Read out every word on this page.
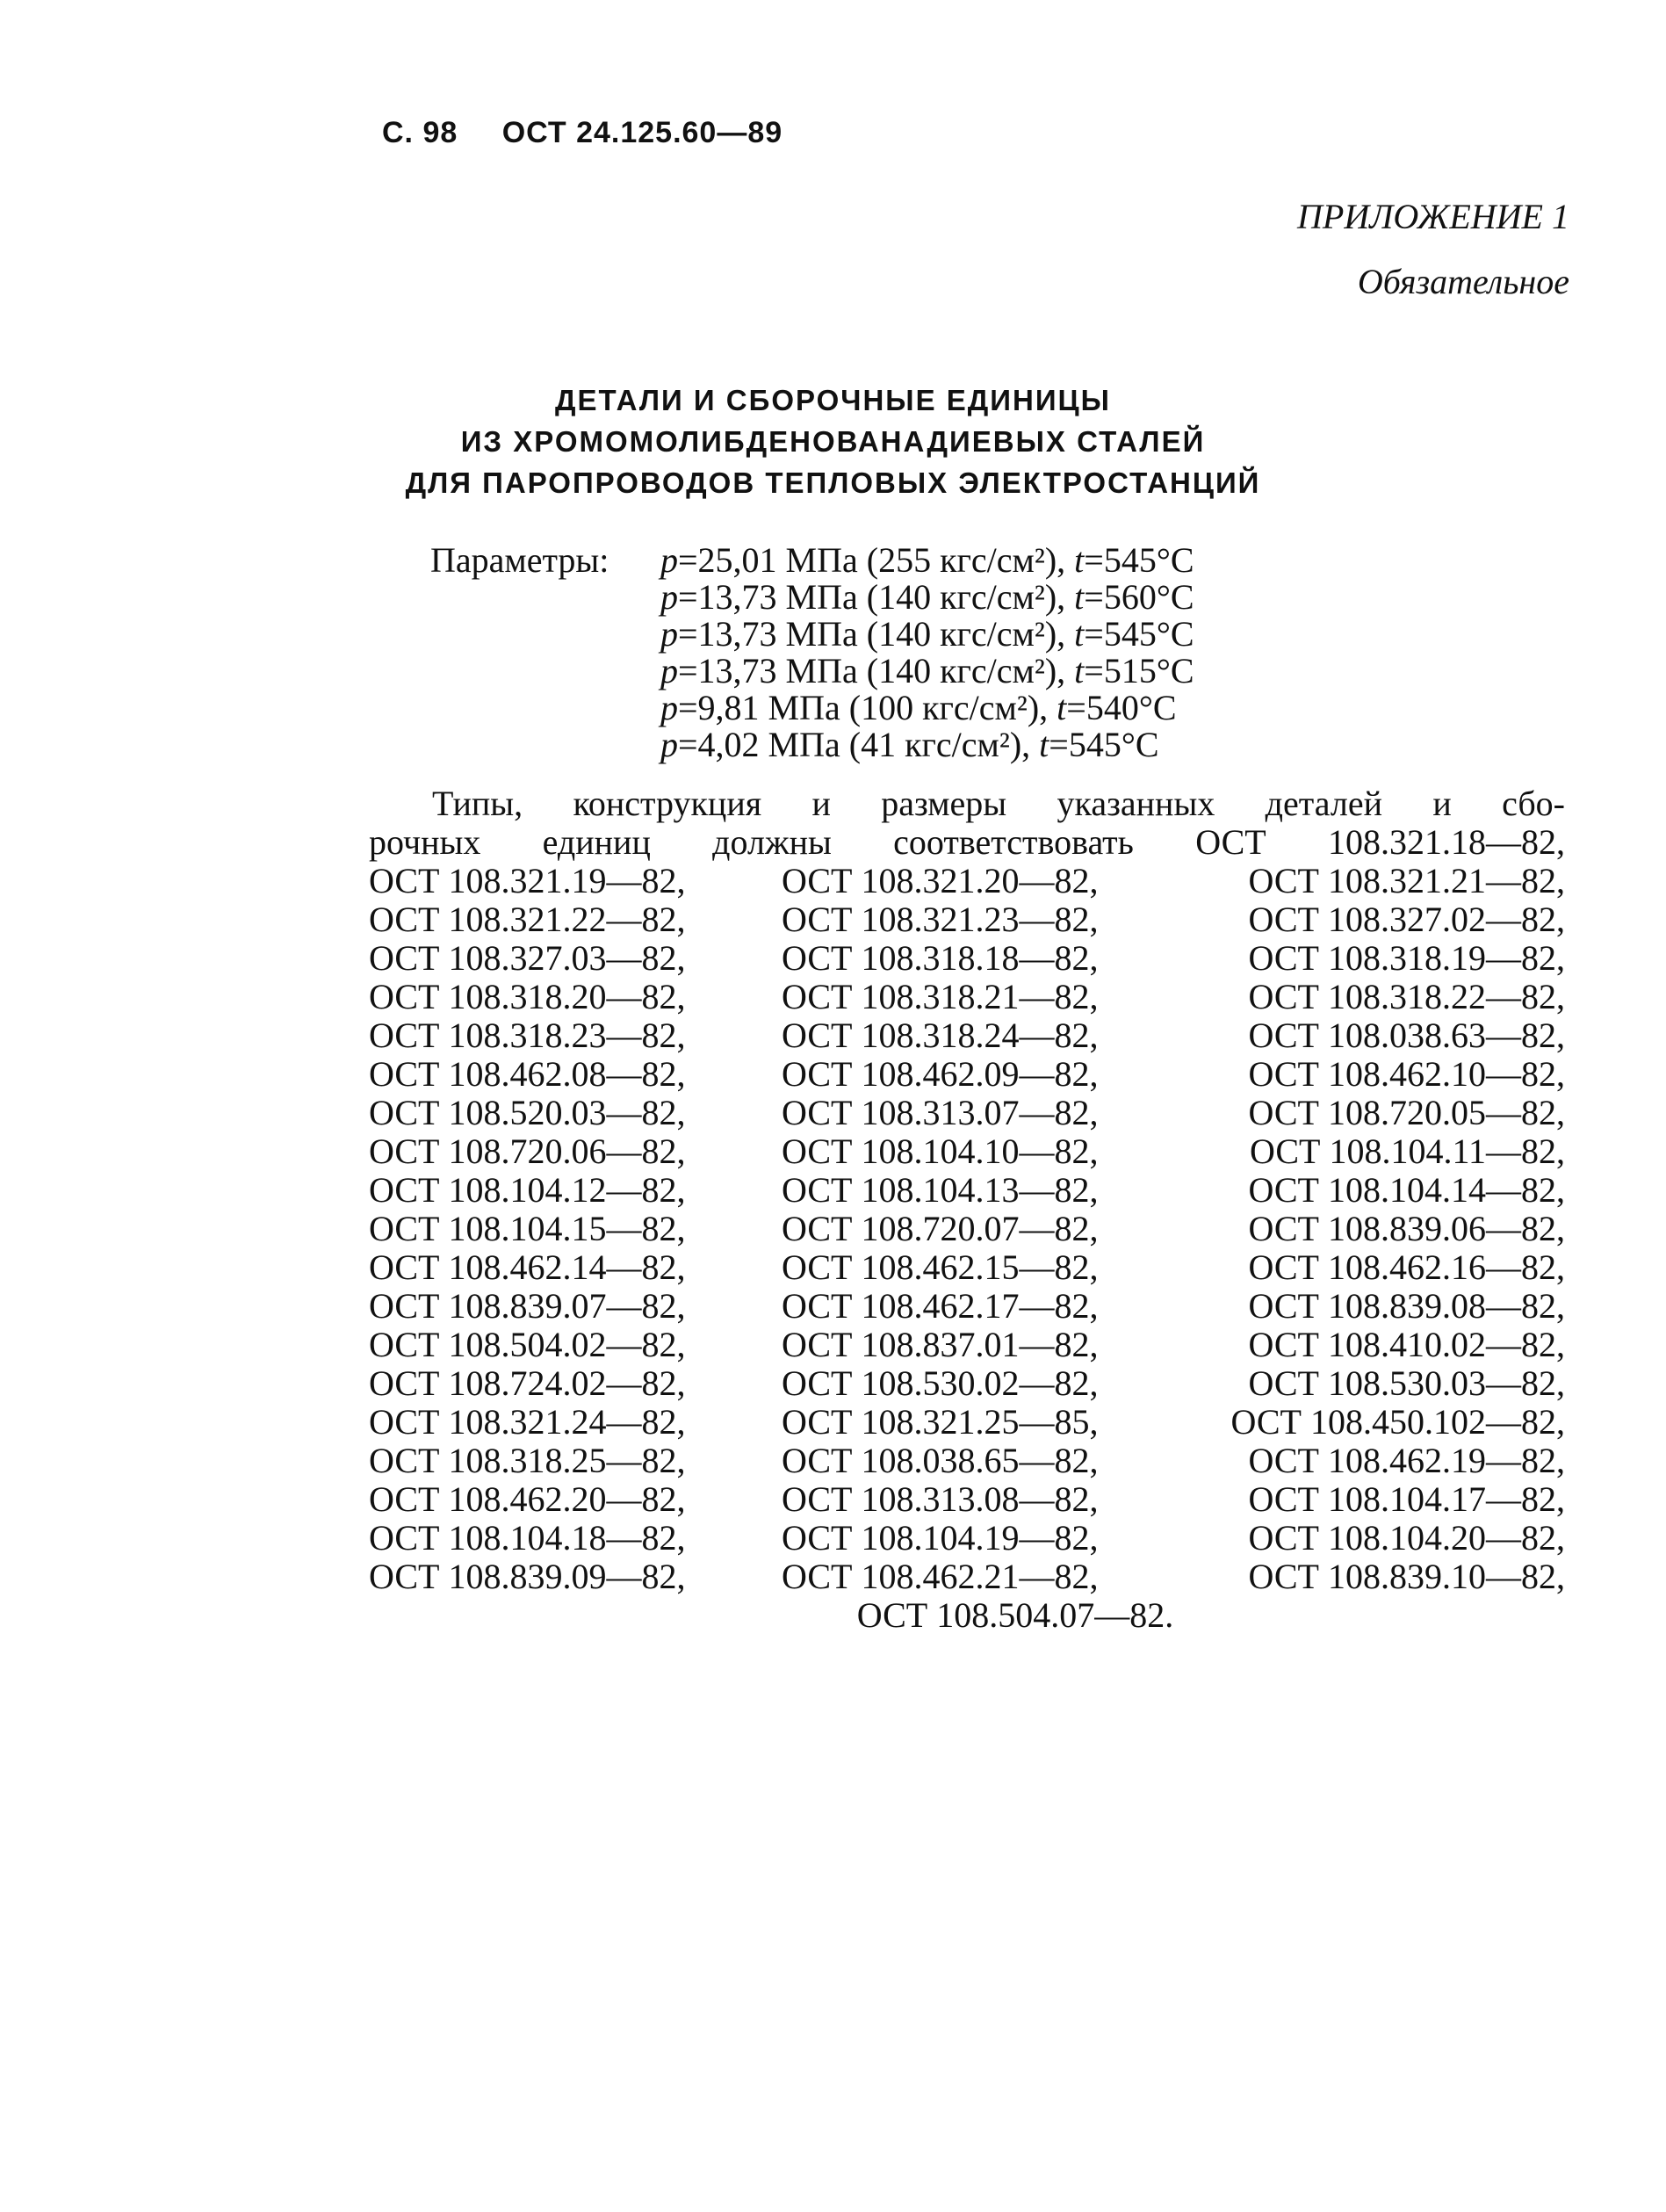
С. 98 ОСТ 24.125.60—89
ПРИЛОЖЕНИЕ 1
Обязательное
ДЕТАЛИ И СБОРОЧНЫЕ ЕДИНИЦЫ
ИЗ ХРОМОМОЛИБДЕНОВАНАДИЕВЫХ СТАЛЕЙ
ДЛЯ ПАРОПРОВОДОВ ТЕПЛОВЫХ ЭЛЕКТРОСТАНЦИЙ
Параметры:	p=25,01 МПа (255 кгс/см²), t=545°С
p=13,73 МПа (140 кгс/см²), t=560°С
p=13,73 МПа (140 кгс/см²), t=545°С
p=13,73 МПа (140 кгс/см²), t=515°С
p=9,81 МПа (100 кгс/см²), t=540°С
p=4,02 МПа (41 кгс/см²), t=545°С
Типы, конструкция и размеры указанных деталей и сбо-
рочных единиц должны соответствовать ОСТ 108.321.18—82,
ОСТ 108.321.19—82,	ОСТ 108.321.20—82,	ОСТ 108.321.21—82,
ОСТ 108.321.22—82,	ОСТ 108.321.23—82,	ОСТ 108.327.02—82,
ОСТ 108.327.03—82,	ОСТ 108.318.18—82,	ОСТ 108.318.19—82,
ОСТ 108.318.20—82,	ОСТ 108.318.21—82,	ОСТ 108.318.22—82,
ОСТ 108.318.23—82,	ОСТ 108.318.24—82,	ОСТ 108.038.63—82,
ОСТ 108.462.08—82,	ОСТ 108.462.09—82,	ОСТ 108.462.10—82,
ОСТ 108.520.03—82,	ОСТ 108.313.07—82,	ОСТ 108.720.05—82,
ОСТ 108.720.06—82,	ОСТ 108.104.10—82,	ОСТ 108.104.11—82,
ОСТ 108.104.12—82,	ОСТ 108.104.13—82,	ОСТ 108.104.14—82,
ОСТ 108.104.15—82,	ОСТ 108.720.07—82,	ОСТ 108.839.06—82,
ОСТ 108.462.14—82,	ОСТ 108.462.15—82,	ОСТ 108.462.16—82,
ОСТ 108.839.07—82,	ОСТ 108.462.17—82,	ОСТ 108.839.08—82,
ОСТ 108.504.02—82,	ОСТ 108.837.01—82,	ОСТ 108.410.02—82,
ОСТ 108.724.02—82,	ОСТ 108.530.02—82,	ОСТ 108.530.03—82,
ОСТ 108.321.24—82,	ОСТ 108.321.25—85,	ОСТ 108.450.102—82,
ОСТ 108.318.25—82,	ОСТ 108.038.65—82,	ОСТ 108.462.19—82,
ОСТ 108.462.20—82,	ОСТ 108.313.08—82,	ОСТ 108.104.17—82,
ОСТ 108.104.18—82,	ОСТ 108.104.19—82,	ОСТ 108.104.20—82,
ОСТ 108.839.09—82,	ОСТ 108.462.21—82,	ОСТ 108.839.10—82,
ОСТ 108.504.07—82.
